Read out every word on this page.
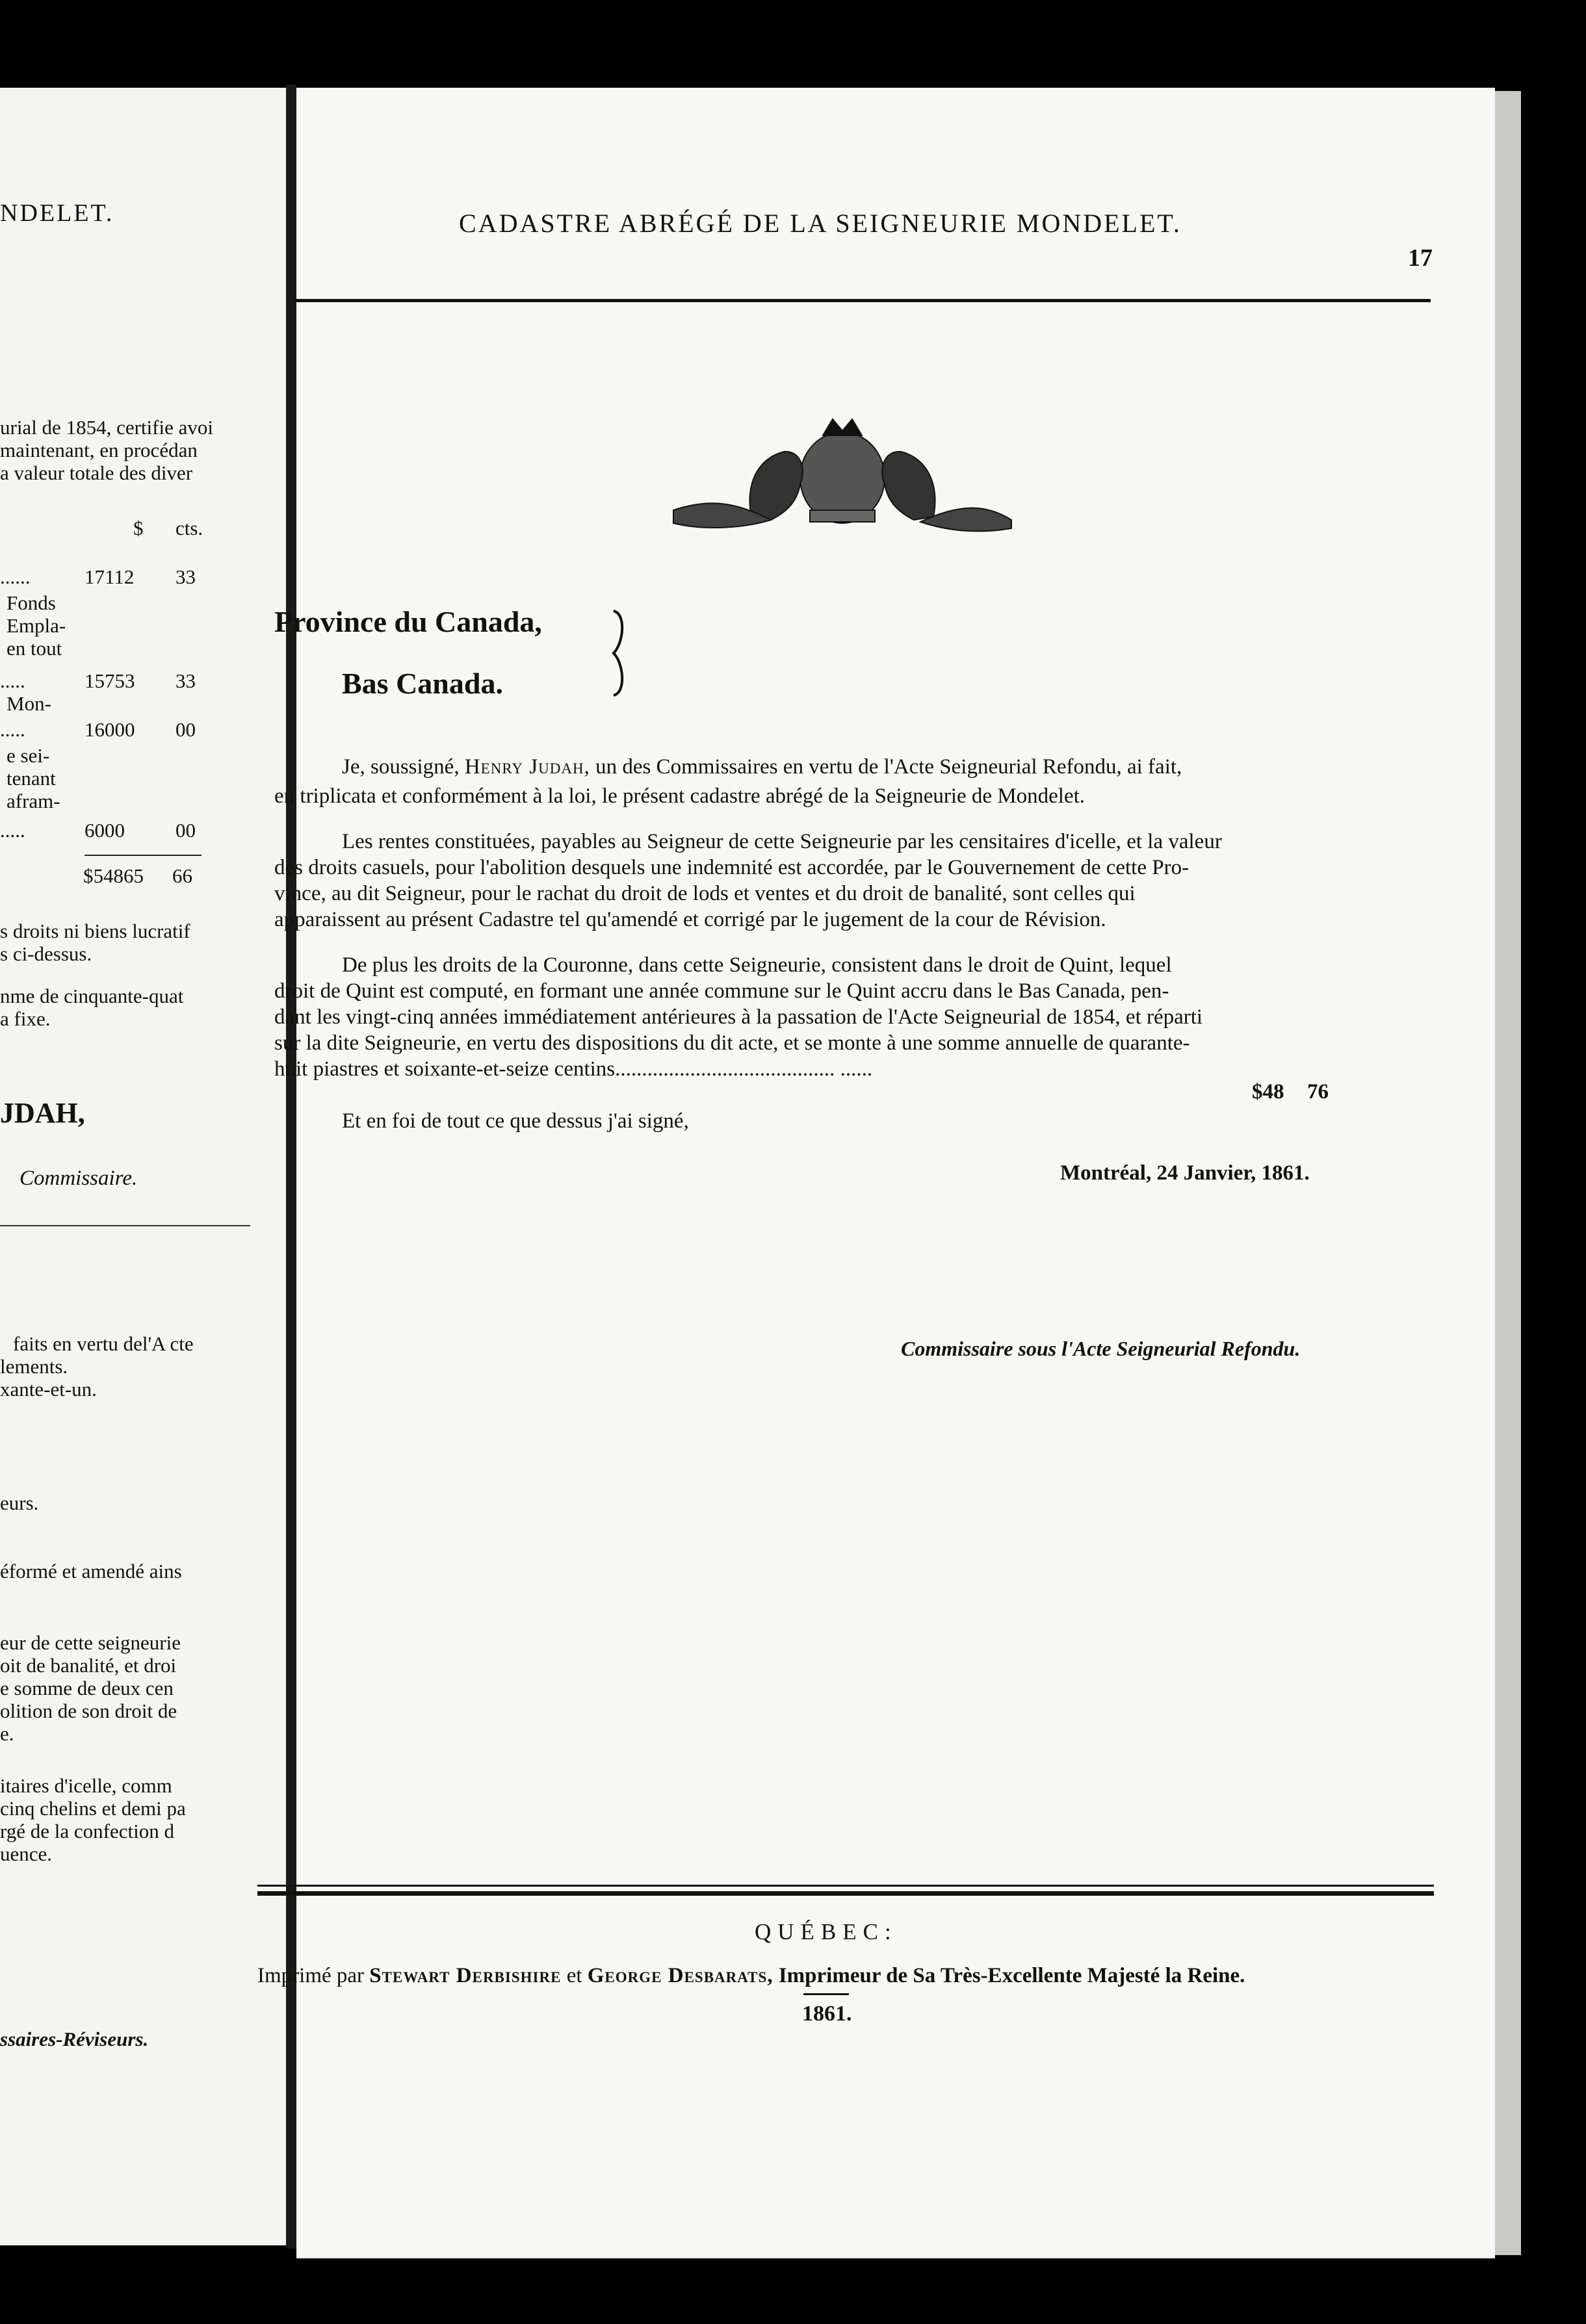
NDELET.
urial de 1854, certifie avoi
maintenant, en procédan
a valeur totale des diver
$ cts.
......	17112 33
Fonds
Empla-
en tout
.....	15753 33
Mon-
.....	16000 00
e sei-
tenant
afram-
.....	6000	00
$54865 66
s droits ni biens lucratif
s ci-dessus.
nme de cinquante-quat
a fixe.
JDAH,
Commissaire.
faits en vertu del'A cte
lements.
xante-et-un.
eurs.
éformé et amendé ains
eur de cette seigneurie
oit de banalité, et droi
e somme de deux cen
olition de son droit de
e.
itaires d'icelle, comm
cinq chelins et demi pa
rgé de la confection d
uence.
ssaires-Réviseurs.
CADASTRE ABRÉGÉ DE LA SEIGNEURIE MONDELET.
17
Province du Canada,
Bas Canada.
Je, soussigné, Henry Judah, un des Commissaires en vertu de l'Acte Seigneurial Refondu, ai fait,
en triplicata et conformément à la loi, le présent cadastre abrégé de la Seigneurie de Mondelet.
Les rentes constituées, payables au Seigneur de cette Seigneurie par les censitaires d'icelle, et la valeur
des droits casuels, pour l'abolition desquels une indemnité est accordée, par le Gouvernement de cette Pro-
vince, au dit Seigneur, pour le rachat du droit de lods et ventes et du droit de banalité, sont celles qui
apparaissent au présent Cadastre tel qu'amendé et corrigé par le jugement de la cour de Révision.
De plus les droits de la Couronne, dans cette Seigneurie, consistent dans le droit de Quint, lequel
droit de Quint est computé, en formant une année commune sur le Quint accru dans le Bas Canada, pen-
dant les vingt-cinq années immédiatement antérieures à la passation de l'Acte Seigneurial de 1854, et réparti
sur la dite Seigneurie, en vertu des dispositions du dit acte, et se monte à une somme annuelle de quarante-
huit piastres et soixante-et-seize centins......................................... ......
$48 76
Et en foi de tout ce que dessus j'ai signé,
Montréal, 24 Janvier, 1861.
Commissaire sous l'Acte Seigneurial Refondu.
QUÉBEC:
Imprimé par Stewart Derbishire et George Desbarats, Imprimeur de Sa Très-Excellente Majesté la Reine.
1861.
